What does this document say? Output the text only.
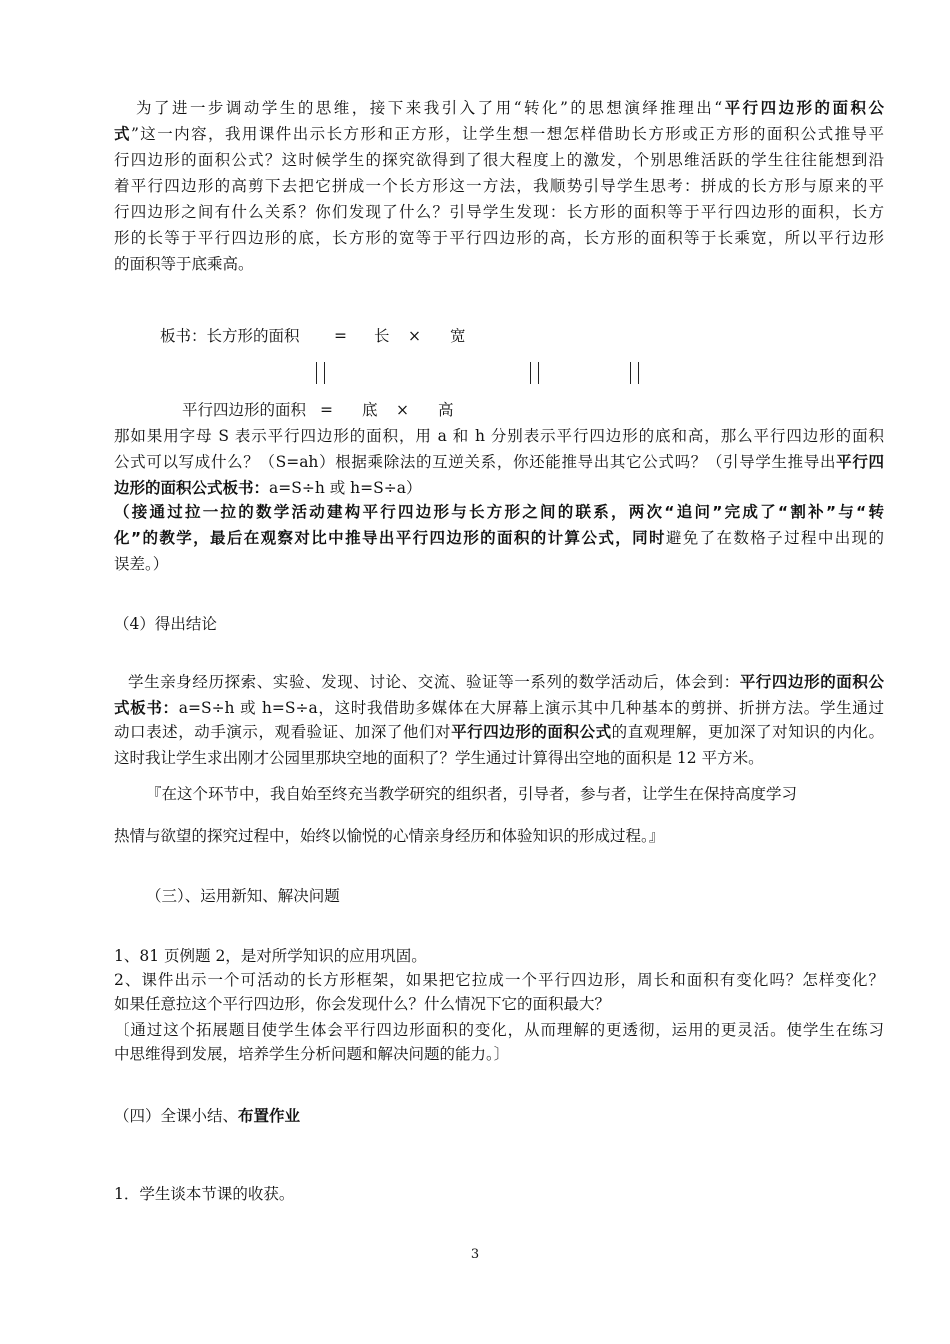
为了进一步调动学生的思维，接下来我引入了用“转化”的思想演绎推理出“平行四边形的面积公
式”这一内容，我用课件出示长方形和正方形，让学生想一想怎样借助长方形或正方形的面积公式推导平
行四边形的面积公式？这时候学生的探究欲得到了很大程度上的激发，个别思维活跃的学生往往能想到沿
着平行四边形的高剪下去把它拼成一个长方形这一方法，我顺势引导学生思考：拼成的长方形与原来的平
行四边形之间有什么关系？你们发现了什么？引导学生发现：长方形的面积等于平行四边形的面积，长方
形的长等于平行四边形的底，长方形的宽等于平行四边形的高，长方形的面积等于长乘宽，所以平行边形
的面积等于底乘高。
板书：长方形的面积 = 长 × 宽
平行四边形的面积 = 底 × 高
那如果用字母 S 表示平行四边形的面积，用 a 和 h 分别表示平行四边形的底和高，那么平行四边形的面积
公式可以写成什么？（S=ah）根据乘除法的互逆关系，你还能推导出其它公式吗？（引导学生推导出平行四
边形的面积公式板书：a=S÷h 或 h=S÷a）
（接通过拉一拉的数学活动建构平行四边形与长方形之间的联系，两次“追问”完成了“割补”与“转
化”的教学，最后在观察对比中推导出平行四边形的面积的计算公式，同时避免了在数格子过程中出现的
误差。）
（4）得出结论
学生亲身经历探索、实验、发现、讨论、交流、验证等一系列的数学活动后，体会到：平行四边形的面积公
式板书：a=S÷h 或 h=S÷a，这时我借助多媒体在大屏幕上演示其中几种基本的剪拼、折拼方法。学生通过
动口表述，动手演示，观看验证、加深了他们对平行四边形的面积公式的直观理解，更加深了对知识的内化。
这时我让学生求出刚才公园里那块空地的面积了？学生通过计算得出空地的面积是 12 平方米。
『在这个环节中，我自始至终充当教学研究的组织者，引导者，参与者，让学生在保持高度学习
热情与欲望的探究过程中，始终以愉悦的心情亲身经历和体验知识的形成过程。』
（三）、运用新知、解决问题
1、81 页例题 2，是对所学知识的应用巩固。
2、课件出示一个可活动的长方形框架，如果把它拉成一个平行四边形，周长和面积有变化吗？怎样变化？
如果任意拉这个平行四边形，你会发现什么？什么情况下它的面积最大？
〔通过这个拓展题目使学生体会平行四边形面积的变化，从而理解的更透彻，运用的更灵活。使学生在练习
中思维得到发展，培养学生分析问题和解决问题的能力。〕
（四）全课小结、布置作业
1．学生谈本节课的收获。
3
